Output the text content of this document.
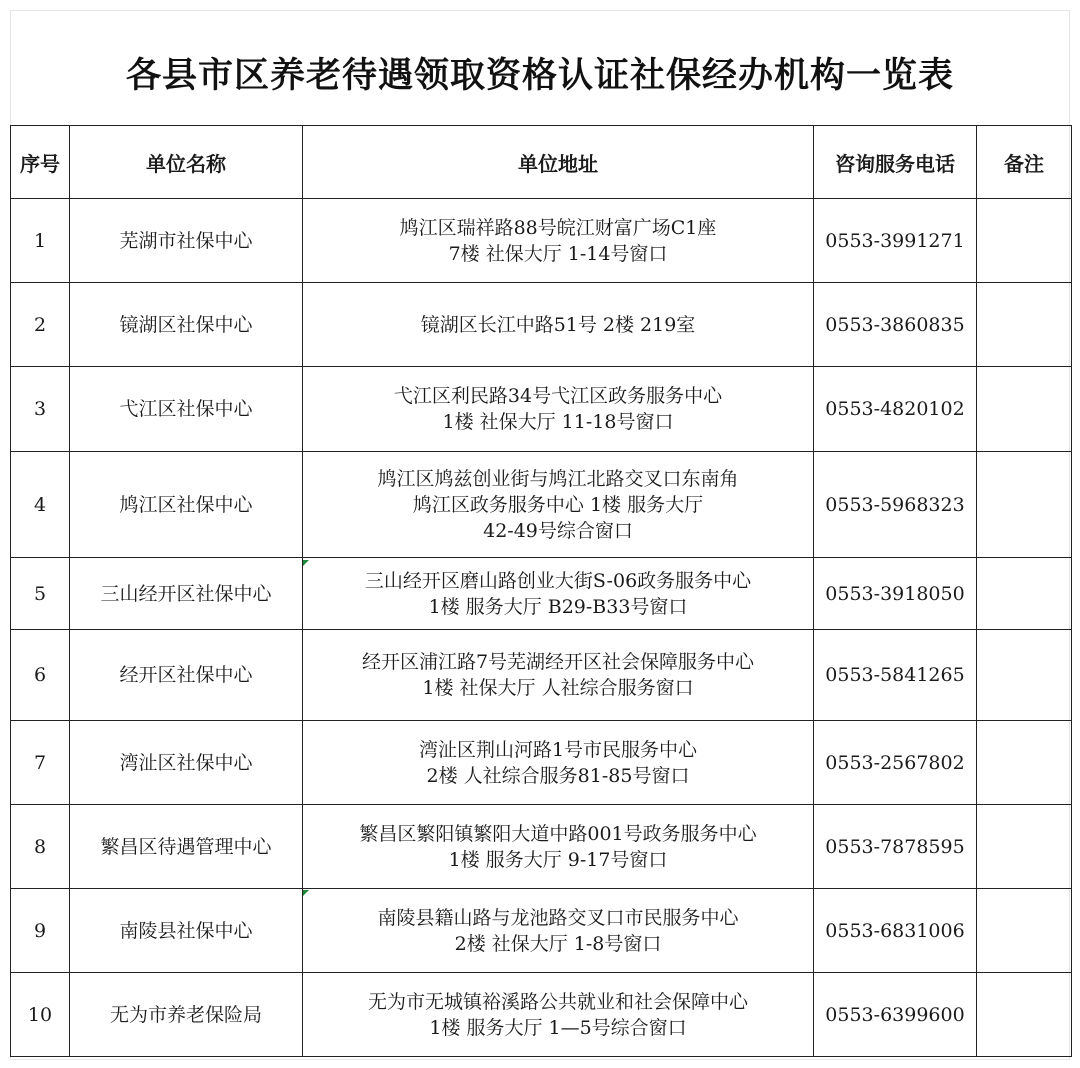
各县市区养老待遇领取资格认证社保经办机构一览表
序号	单位名称	单位地址	咨询服务电话	备注
1	芜湖市社保中心	鸠江区瑞祥路88号皖江财富广场C1座
7楼 社保大厅 1-14号窗口	0553-3991271	
2	镜湖区社保中心	镜湖区长江中路51号 2楼 219室	0553-3860835	
3	弋江区社保中心	弋江区利民路34号弋江区政务服务中心
1楼 社保大厅 11-18号窗口	0553-4820102	
4	鸠江区社保中心	鸠江区鸠兹创业街与鸠江北路交叉口东南角
鸠江区政务服务中心 1楼 服务大厅
42-49号综合窗口	0553-5968323	
5	三山经开区社保中心	三山经开区磨山路创业大街S-06政务服务中心
1楼 服务大厅 B29-B33号窗口	0553-3918050	
6	经开区社保中心	经开区浦江路7号芜湖经开区社会保障服务中心
1楼 社保大厅 人社综合服务窗口	0553-5841265	
7	湾沚区社保中心	湾沚区荆山河路1号市民服务中心
2楼 人社综合服务81-85号窗口	0553-2567802	
8	繁昌区待遇管理中心	繁昌区繁阳镇繁阳大道中路001号政务服务中心
1楼 服务大厅 9-17号窗口	0553-7878595	
9	南陵县社保中心	南陵县籍山路与龙池路交叉口市民服务中心
2楼 社保大厅 1-8号窗口	0553-6831006	
10	无为市养老保险局	无为市无城镇裕溪路公共就业和社会保障中心
1楼 服务大厅 1—5号综合窗口	0553-6399600	
